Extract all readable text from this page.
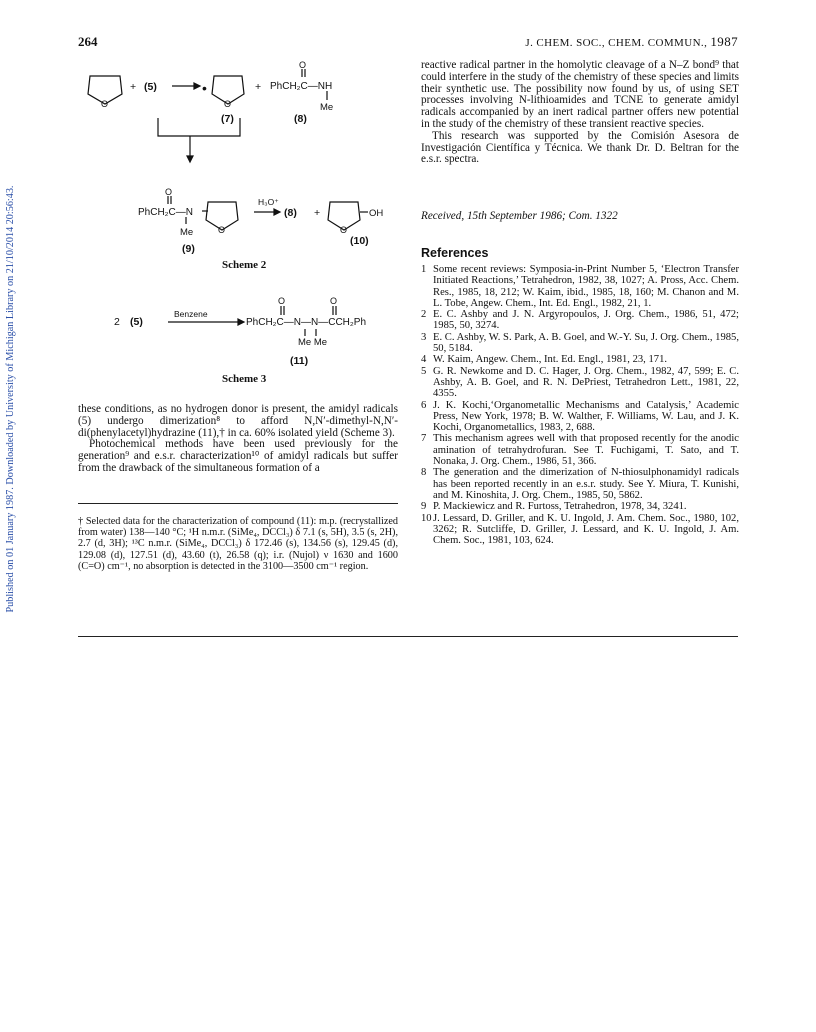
Published on 01 January 1987. Downloaded by University of Michigan Library on 21/10/2014 20:56:43.
264	J. CHEM. SOC., CHEM. COMMUN., 1987
O
+ (5)	•
O
+
O
PhCH₂C—NH
Me
(7)	(8)
O
PhCH₂C—N
Me	O
(9)
H₃O⁺
(8) +
O
OH
(10)
Scheme 2
2 (5)
Benzene
O	O
PhCH₂C—N—N—CCH₂Ph
Me Me
(11)
Scheme 3

these conditions, as no hydrogen donor is present, the amidyl radicals (5) undergo dimerization⁸ to afford N,N′-dimethyl-N,N′-di(phenylacetyl)hydrazine (11),† in ca. 60% isolated yield (Scheme 3).

Photochemical methods have been used previously for the generation⁹ and e.s.r. characterization¹⁰ of amidyl radicals but suffer from the drawback of the simultaneous formation of a

† Selected data for the characterization of compound (11): m.p. (recrystallized from water) 138—140 °C; ¹H n.m.r. (SiMe₄, DCCl₃) δ 7.1 (s, 5H), 3.5 (s, 2H), 2.7 (d, 3H); ¹³C n.m.r. (SiMe₄, DCCl₃) δ 172.46 (s), 134.56 (s), 129.45 (d), 129.08 (d), 127.51 (d), 43.60 (t), 26.58 (q); i.r. (Nujol) ν 1630 and 1600 (C=O) cm⁻¹, no absorption is detected in the 3100—3500 cm⁻¹ region.

reactive radical partner in the homolytic cleavage of a N–Z bond⁹ that could interfere in the study of the chemistry of these species and limits their synthetic use. The possibility now found by us, of using SET processes involving N-lithioamides and TCNE to generate amidyl radicals accompanied by an inert radical partner offers new potential in the study of the chemistry of these transient reactive species.

This research was supported by the Comisión Asesora de Investigación Científica y Técnica. We thank Dr. D. Beltran for the e.s.r. spectra.

Received, 15th September 1986; Com. 1322
References
1 Some recent reviews: Symposia-in-Print Number 5, ‘Electron Transfer Initiated Reactions,’ Tetrahedron, 1982, 38, 1027; A. Pross, Acc. Chem. Res., 1985, 18, 212; W. Kaim, ibid., 1985, 18, 160; M. Chanon and M. L. Tobe, Angew. Chem., Int. Ed. Engl., 1982, 21, 1.
2 E. C. Ashby and J. N. Argyropoulos, J. Org. Chem., 1986, 51, 472; 1985, 50, 3274.
3 E. C. Ashby, W. S. Park, A. B. Goel, and W.-Y. Su, J. Org. Chem., 1985, 50, 5184.
4 W. Kaim, Angew. Chem., Int. Ed. Engl., 1981, 23, 171.
5 G. R. Newkome and D. C. Hager, J. Org. Chem., 1982, 47, 599; E. C. Ashby, A. B. Goel, and R. N. DePriest, Tetrahedron Lett., 1981, 22, 4355.
6 J. K. Kochi,‘Organometallic Mechanisms and Catalysis,’ Academic Press, New York, 1978; B. W. Walther, F. Williams, W. Lau, and J. K. Kochi, Organometallics, 1983, 2, 688.
7 This mechanism agrees well with that proposed recently for the anodic amination of tetrahydrofuran. See T. Fuchigami, T. Sato, and T. Nonaka, J. Org. Chem., 1986, 51, 366.
8 The generation and the dimerization of N-thiosulphonamidyl radicals has been reported recently in an e.s.r. study. See Y. Miura, T. Kunishi, and M. Kinoshita, J. Org. Chem., 1985, 50, 5862.
9 P. Mackiewicz and R. Furtoss, Tetrahedron, 1978, 34, 3241.
10 J. Lessard, D. Griller, and K. U. Ingold, J. Am. Chem. Soc., 1980, 102, 3262; R. Sutcliffe, D. Griller, J. Lessard, and K. U. Ingold, J. Am. Chem. Soc., 1981, 103, 624.
